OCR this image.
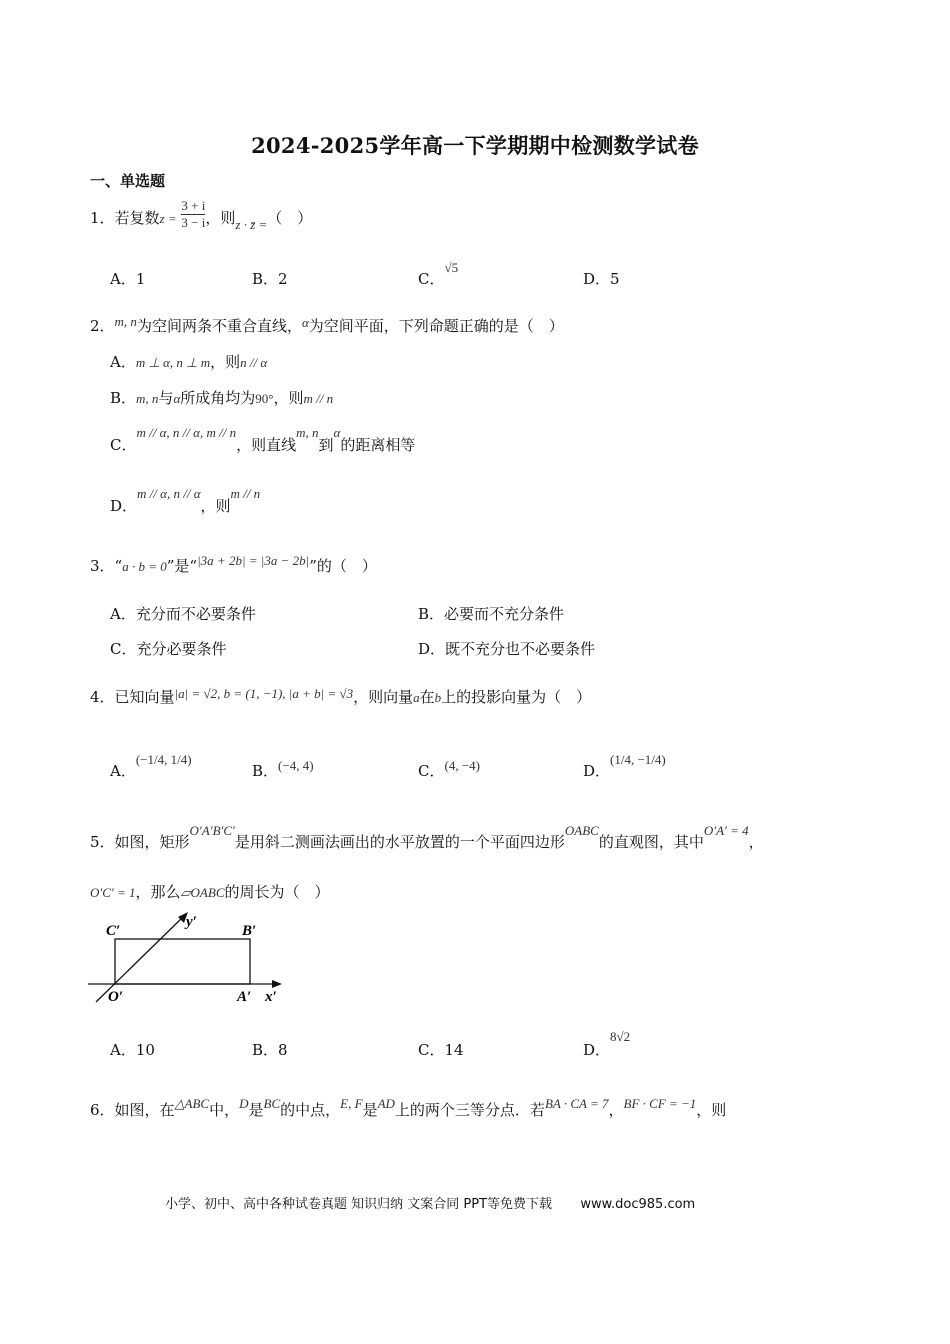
2024-2025学年高一下学期期中检测数学试卷
一、单选题
1．若复数$z = \frac{3 + i}{3 - i}$ ，则z · z̄ =（　）
A．1	B．2	C．√5
D．5
2．m, n为空间两条不重合直线，α为空间平面，下列命题正确的是（　）
A．m ⊥ α, n ⊥ m，则n // α
B．m, n与α所成角均为90°，则m // n
C．m // α, n // α, m // n，则直线m, n到α的距离相等
D．m // α, n // α，则m // n
3．“a · b = 0”是“|3a + 2b| = |3a − 2b|”的（　）
A．充分而不必要条件	B．必要而不充分条件
C．充分必要条件	D．既不充分也不必要条件
4．已知向量|a| = √2, b = (1, −1), |a + b| = √3，则向量a在b上的投影向量为（　）
A．(−1/4, 1/4)
B．(−4, 4)	C．(4, −4)	D．(1/4, −1/4)
5．如图，矩形O′A′B′C′是用斜二测画法画出的水平放置的一个平面四边形OABC的直观图，其中O′A′ = 4，
O′C′ = 1，那么▱OABC的周长为（　）
C′	B′
O′	A′ x′
y′
A．10	B．8	C．14	D．8√2
6．如图，在△ABC中，D是BC的中点，E, F是AD上的两个三等分点．若BA · CA = 7，BF · CF = −1，则
小学、初中、高中各种试卷真题 知识归纳 文案合同 PPT等免费下载 www.doc985.com
